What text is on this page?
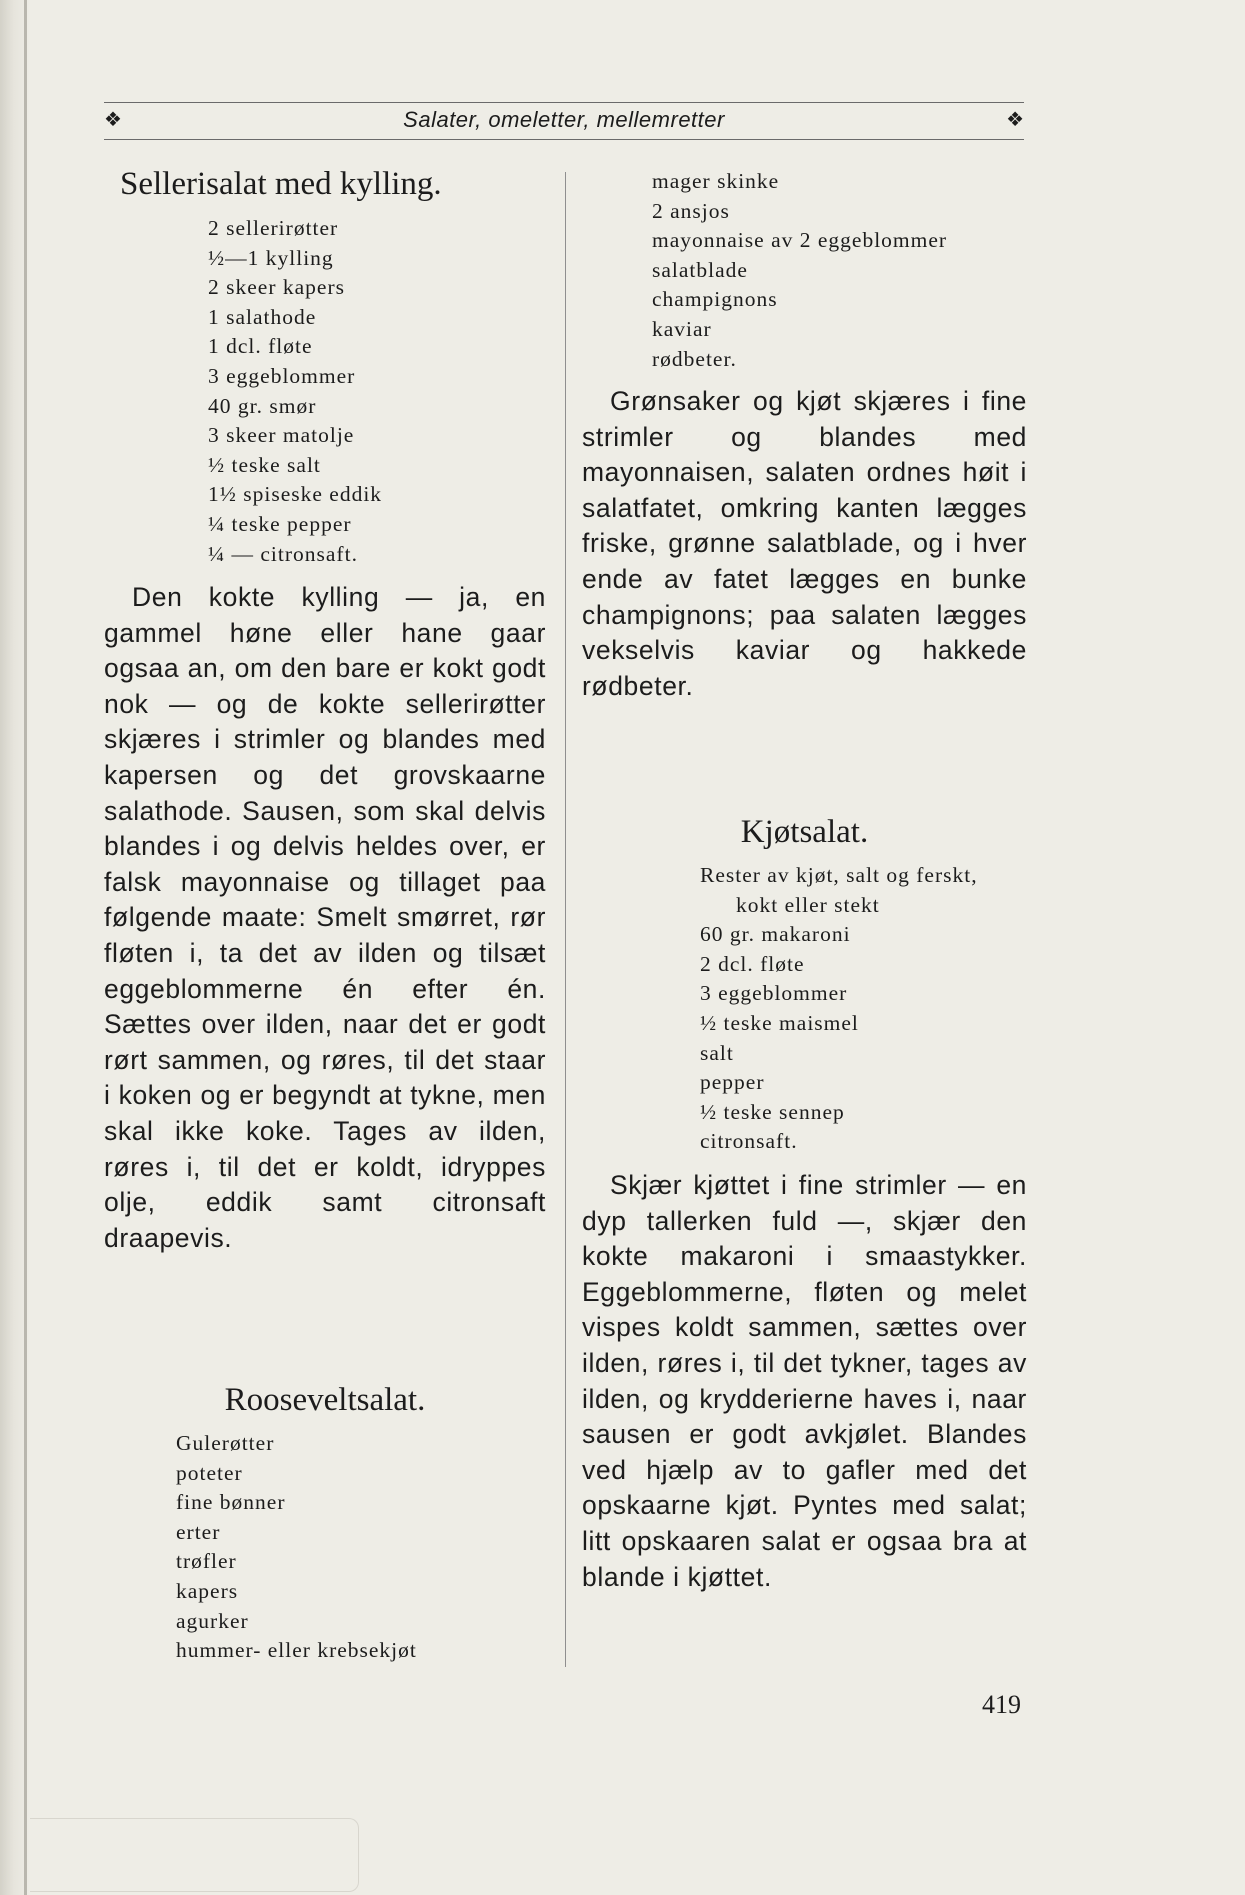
❖	Salater, omeletter, mellemretter	❖
Sellerisalat med kylling.
2 sellerirøtter
½—1 kylling
2 skeer kapers
1 salathode
1 dcl. fløte
3 eggeblommer
40 gr. smør
3 skeer matolje
½ teske salt
1½ spiseske eddik
¼ teske pepper
¼ — citronsaft.

Den kokte kylling — ja, en gammel høne eller hane gaar ogsaa an, om den bare er kokt godt nok — og de kokte sellerirøtter skjæres i strimler og blandes med kapersen og det grovskaarne salathode. Sausen, som skal delvis blandes i og delvis heldes over, er falsk mayonnaise og tillaget paa følgende maate: Smelt smørret, rør fløten i, ta det av ilden og tilsæt eggeblommerne én efter én. Sættes over ilden, naar det er godt rørt sammen, og røres, til det staar i koken og er begyndt at tykne, men skal ikke koke. Tages av ilden, røres i, til det er koldt, idryppes olje, eddik samt citronsaft draapevis.

Rooseveltsalat.
Gulerøtter
poteter
fine bønner
erter
trøfler
kapers
agurker
hummer- eller krebsekjøt
mager skinke
2 ansjos
mayonnaise av 2 eggeblommer
salatblade
champignons
kaviar
rødbeter.

Grønsaker og kjøt skjæres i fine strimler og blandes med mayonnaisen, salaten ordnes høit i salatfatet, omkring kanten lægges friske, grønne salatblade, og i hver ende av fatet lægges en bunke champignons; paa salaten lægges vekselvis kaviar og hakkede rødbeter.

Kjøtsalat.
Rester av kjøt, salt og ferskt,
kokt eller stekt
60 gr. makaroni
2 dcl. fløte
3 eggeblommer
½ teske maismel
salt
pepper
½ teske sennep
citronsaft.

Skjær kjøttet i fine strimler — en dyp tallerken fuld —, skjær den kokte makaroni i smaastykker. Eggeblommerne, fløten og melet vispes koldt sammen, sættes over ilden, røres i, til det tykner, tages av ilden, og krydderierne haves i, naar sausen er godt avkjølet. Blandes ved hjælp av to gafler med det opskaarne kjøt. Pyntes med salat; litt opskaaren salat er ogsaa bra at blande i kjøttet.

419
